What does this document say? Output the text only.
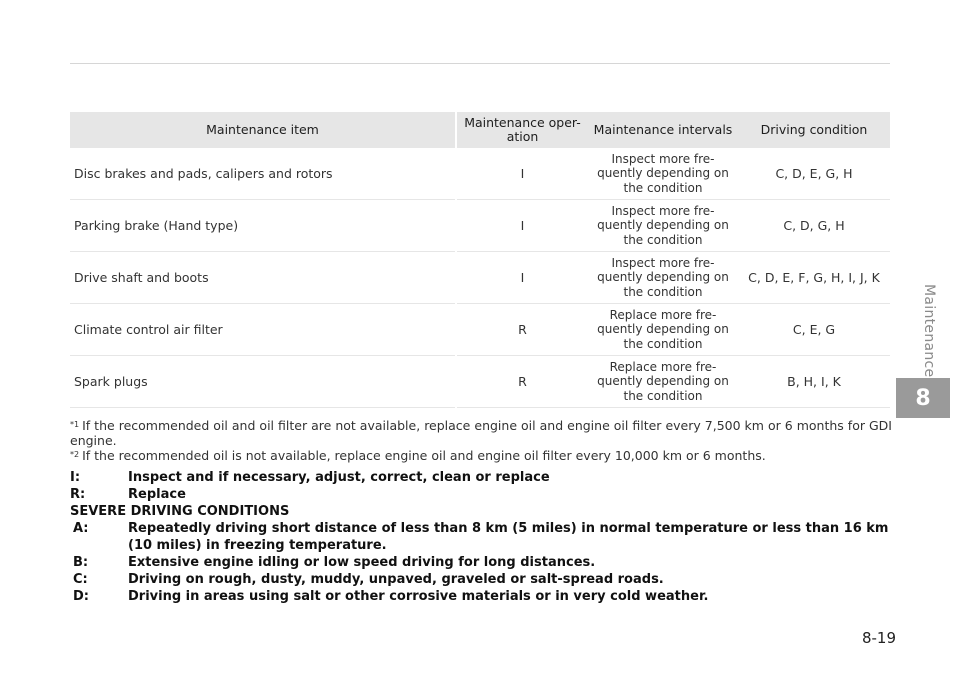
Maintenance item	Maintenance oper-
ation	Maintenance intervals	Driving condition
Disc brakes and pads, calipers and rotors	I	Inspect more fre-
quently depending on
the condition	C, D, E, G, H
Parking brake (Hand type)	I	Inspect more fre-
quently depending on
the condition	C, D, G, H
Drive shaft and boots	I	Inspect more fre-
quently depending on
the condition	C, D, E, F, G, H, I, J, K
Climate control air filter	R	Replace more fre-
quently depending on
the condition	C, E, G
Spark plugs	R	Replace more fre-
quently depending on
the condition	B, H, I, K

$^{*1}$ If the recommended oil and oil filter are not available, replace engine oil and engine oil filter every 7,500 km or 6 months for GDI engine.

$^{*2}$ If the recommended oil is not available, replace engine oil and engine oil filter every 10,000 km or 6 months.

I:	Inspect and if necessary, adjust, correct, clean or replace
R:	Replace
SEVERE DRIVING CONDITIONS
A:	Repeatedly driving short distance of less than 8 km (5 miles) in normal temperature or less than 16 km (10 miles) in freezing temperature.
B:	Extensive engine idling or low speed driving for long distances.
C:	Driving on rough, dusty, muddy, unpaved, graveled or salt-spread roads.
D:	Driving in areas using salt or other corrosive materials or in very cold weather.
Maintenance
8
8-19
